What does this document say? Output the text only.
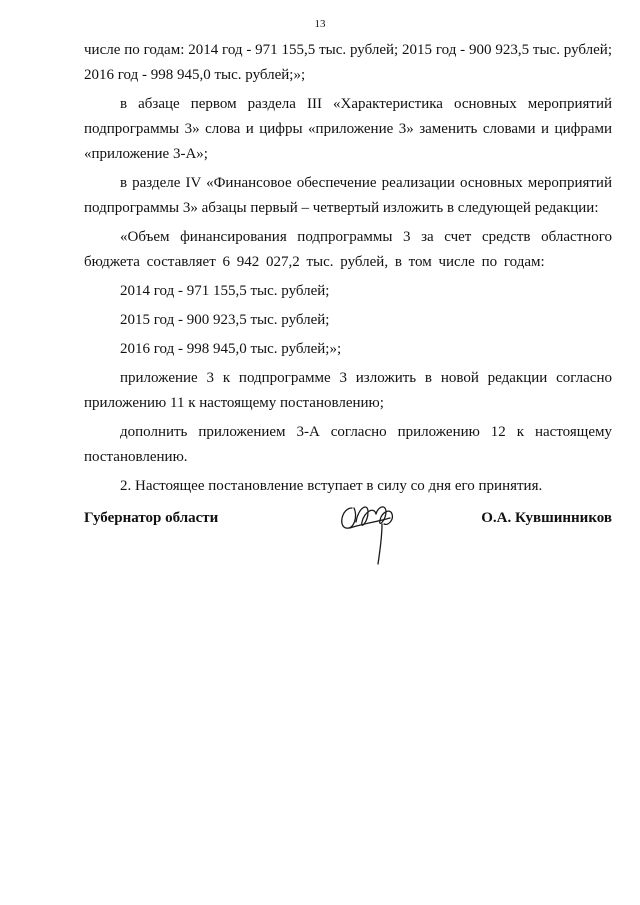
13

числе по годам: 2014 год - 971 155,5 тыс. рублей; 2015 год - 900 923,5 тыс. рублей; 2016 год - 998 945,0 тыс. рублей;»;

в абзаце первом раздела III «Характеристика основных мероприятий подпрограммы 3» слова и цифры «приложение 3» заменить словами и цифрами «приложение 3-А»;

в разделе IV «Финансовое обеспечение реализации основных мероприятий подпрограммы 3» абзацы первый – четвертый изложить в следующей редакции:

«Объем финансирования подпрограммы 3 за счет средств областного бюджета составляет 6 942 027,2 тыс. рублей, в том числе по годам:

2014 год - 971 155,5 тыс. рублей;

2015 год - 900 923,5 тыс. рублей;

2016 год - 998 945,0 тыс. рублей;»;

приложение 3 к подпрограмме 3 изложить в новой редакции согласно приложению 11 к настоящему постановлению;

дополнить приложением 3-А согласно приложению 12 к настоящему постановлению.

2. Настоящее постановление вступает в силу со дня его принятия.

Губернатор области	О.А. Кувшинников
